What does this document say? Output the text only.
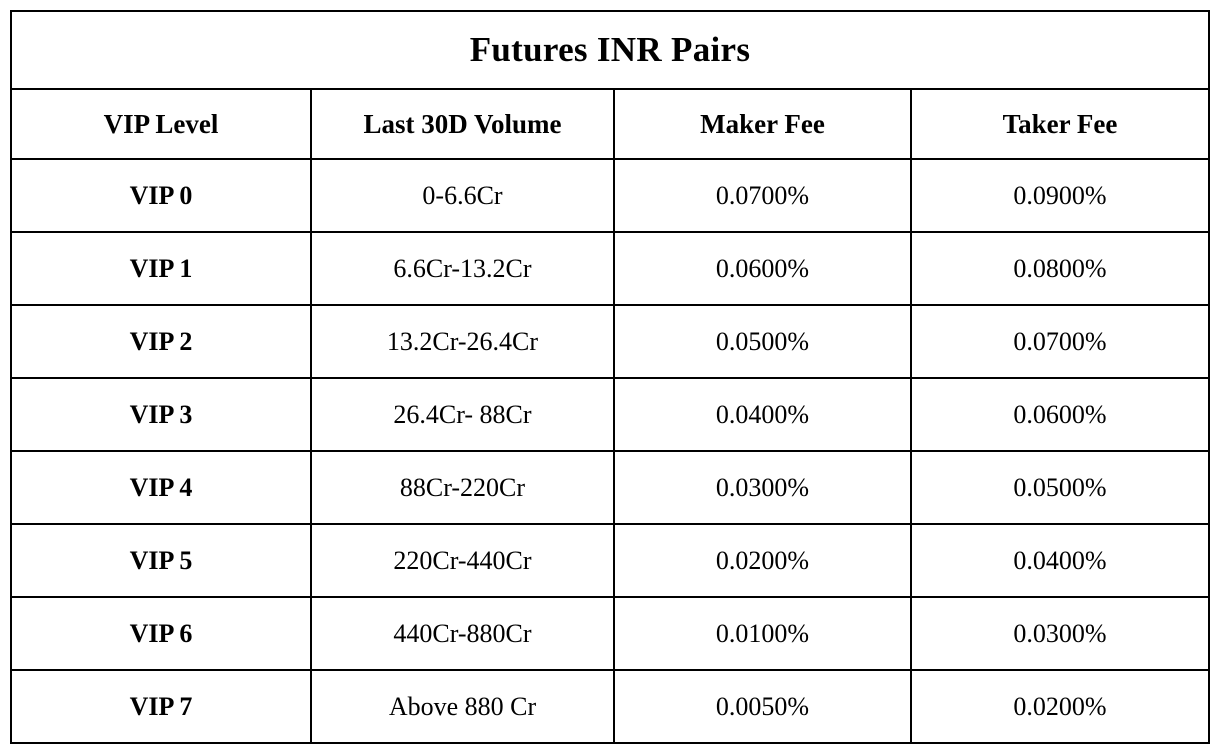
Futures INR Pairs			
VIP Level	Last 30D Volume	Maker Fee	Taker Fee
VIP 0	0-6.6Cr	0.0700%	0.0900%
VIP 1	6.6Cr-13.2Cr	0.0600%	0.0800%
VIP 2	13.2Cr-26.4Cr	0.0500%	0.0700%
VIP 3	26.4Cr- 88Cr	0.0400%	0.0600%
VIP 4	88Cr-220Cr	0.0300%	0.0500%
VIP 5	220Cr-440Cr	0.0200%	0.0400%
VIP 6	440Cr-880Cr	0.0100%	0.0300%
VIP 7	Above 880 Cr	0.0050%	0.0200%
